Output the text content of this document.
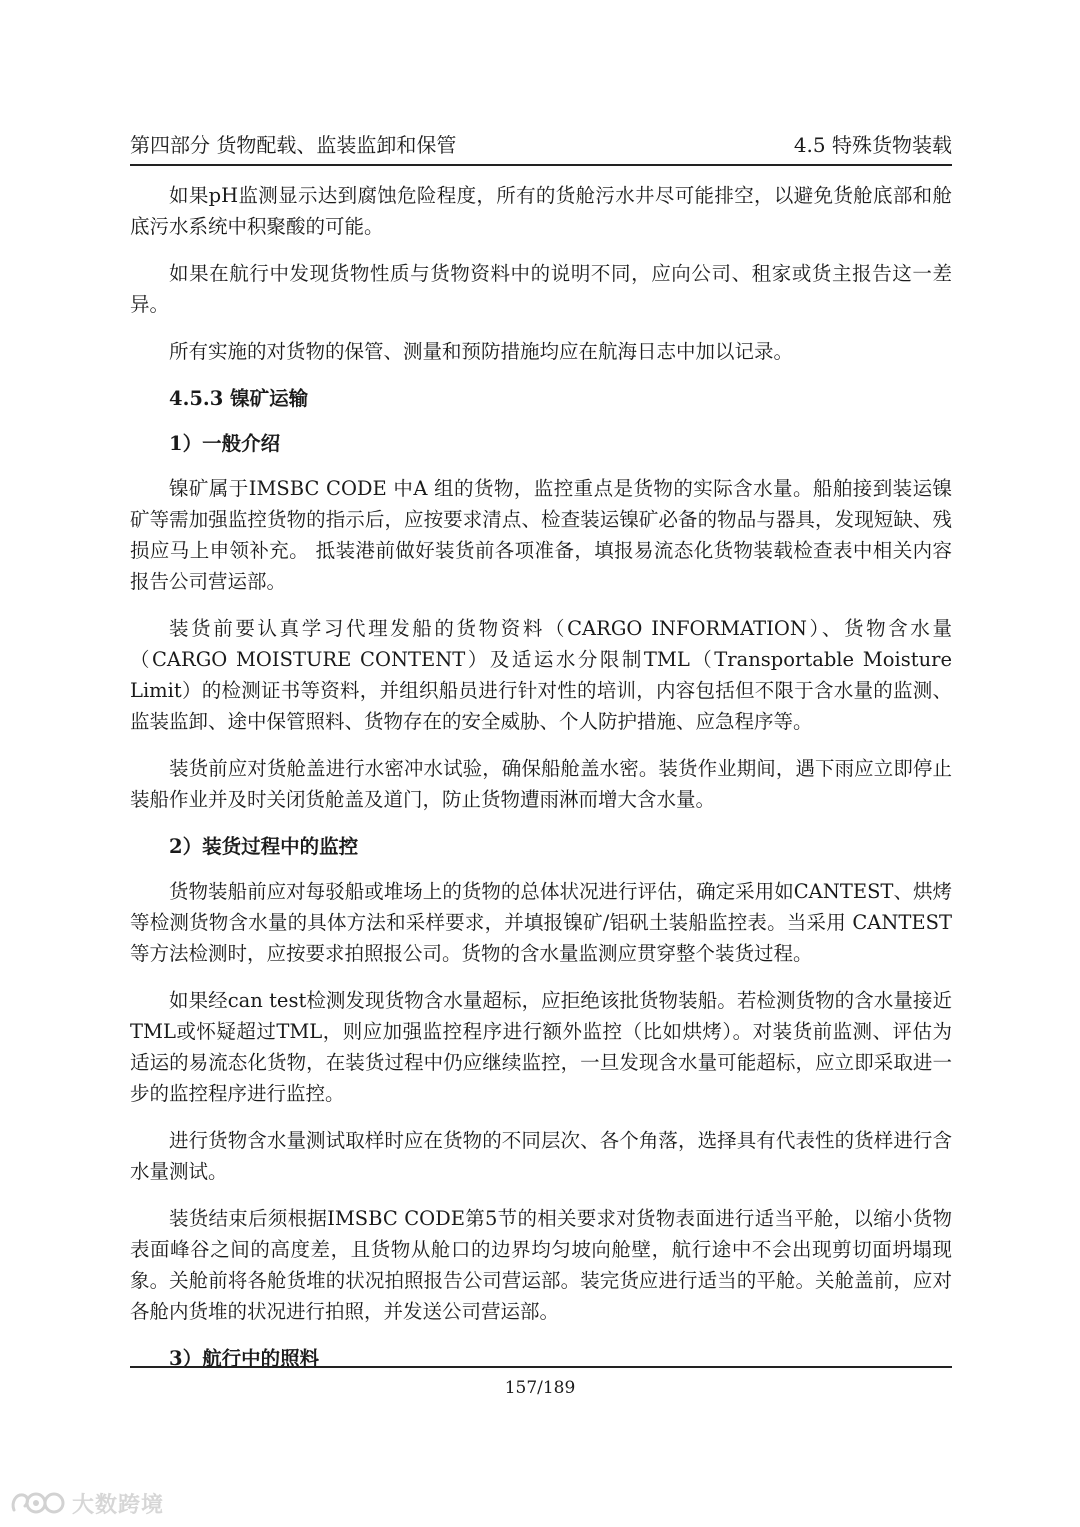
第四部分 货物配载、监装监卸和保管	4.5 特殊货物装载

如果pH监测显示达到腐蚀危险程度，所有的货舱污水井尽可能排空，以避免货舱底部和舱底污水系统中积聚酸的可能。

如果在航行中发现货物性质与货物资料中的说明不同，应向公司、租家或货主报告这一差异。

所有实施的对货物的保管、测量和预防措施均应在航海日志中加以记录。

4.5.3 镍矿运输
1）一般介绍

镍矿属于IMSBC CODE 中A 组的货物，监控重点是货物的实际含水量。船舶接到装运镍矿等需加强监控货物的指示后，应按要求清点、检查装运镍矿必备的物品与器具，发现短缺、残损应马上申领补充。 抵装港前做好装货前各项准备，填报易流态化货物装载检查表中相关内容报告公司营运部。

装货前要认真学习代理发船的货物资料（CARGO INFORMATION）、货物含水量（CARGO MOISTURE CONTENT）及适运水分限制TML（Transportable Moisture Limit）的检测证书等资料，并组织船员进行针对性的培训，内容包括但不限于含水量的监测、监装监卸、途中保管照料、货物存在的安全威胁、个人防护措施、应急程序等。

装货前应对货舱盖进行水密冲水试验，确保船舱盖水密。装货作业期间，遇下雨应立即停止装船作业并及时关闭货舱盖及道门，防止货物遭雨淋而增大含水量。

2）装货过程中的监控

货物装船前应对每驳船或堆场上的货物的总体状况进行评估，确定采用如CANTEST、烘烤等检测货物含水量的具体方法和采样要求，并填报镍矿/铝矾土装船监控表。当采用 CANTEST 等方法检测时，应按要求拍照报公司。货物的含水量监测应贯穿整个装货过程。

如果经can test检测发现货物含水量超标，应拒绝该批货物装船。若检测货物的含水量接近 TML或怀疑超过TML，则应加强监控程序进行额外监控（比如烘烤）。对装货前监测、评估为适运的易流态化货物，在装货过程中仍应继续监控，一旦发现含水量可能超标，应立即采取进一步的监控程序进行监控。

进行货物含水量测试取样时应在货物的不同层次、各个角落，选择具有代表性的货样进行含水量测试。

装货结束后须根据IMSBC CODE第5节的相关要求对货物表面进行适当平舱，以缩小货物表面峰谷之间的高度差，且货物从舱口的边界均匀坡向舱壁，航行途中不会出现剪切面坍塌现象。关舱前将各舱货堆的状况拍照报告公司营运部。装完货应进行适当的平舱。关舱盖前，应对各舱内货堆的状况进行拍照，并发送公司营运部。

3）航行中的照料
157/189
大数跨境
